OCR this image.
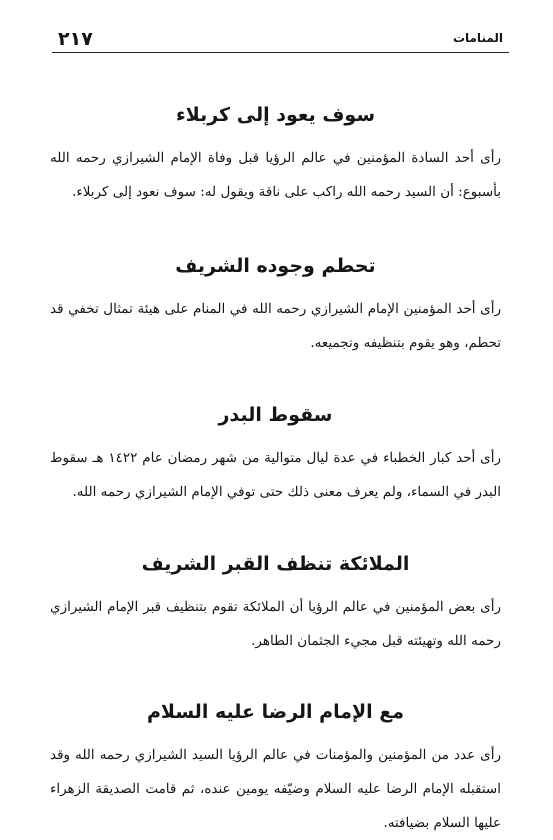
٢١٧	المنامات
سوف يعود إلى كربلاء

رأى أحد السادة المؤمنين في عالم الرؤيا قبل وفاة الإمام الشيرازي رحمه الله بأسبوع: أن السيد رحمه الله راكب على ناقة ويقول له: سوف نعود إلى كربلاء.

تحطم وجوده الشريف

رأى أحد المؤمنين الإمام الشيرازي رحمه الله في المنام على هيئة تمثال تخفي قد تحطم، وهو يقوم بتنظيفه وتجميعه.

سقوط البدر

رأى أحد كبار الخطباء في عدة ليال متوالية من شهر رمضان عام ١٤٢٢ هـ سقوط البدر في السماء، ولم يعرف معنى ذلك حتى توفي الإمام الشيرازي رحمه الله.

الملائكة تنظف القبر الشريف

رأى بعض المؤمنين في عالم الرؤيا أن الملائكة تقوم بتنظيف قبر الإمام الشيرازي رحمه الله وتهيئته قبل مجيء الجثمان الطاهر.

مع الإمام الرضا عليه السلام

رأى عدد من المؤمنين والمؤمنات في عالم الرؤيا السيد الشيرازي رحمه الله وقد استقبله الإمام الرضا عليه السلام وضيّفه يومين عنده، ثم قامت الصديقة الزهراء عليها السلام بضيافته.
